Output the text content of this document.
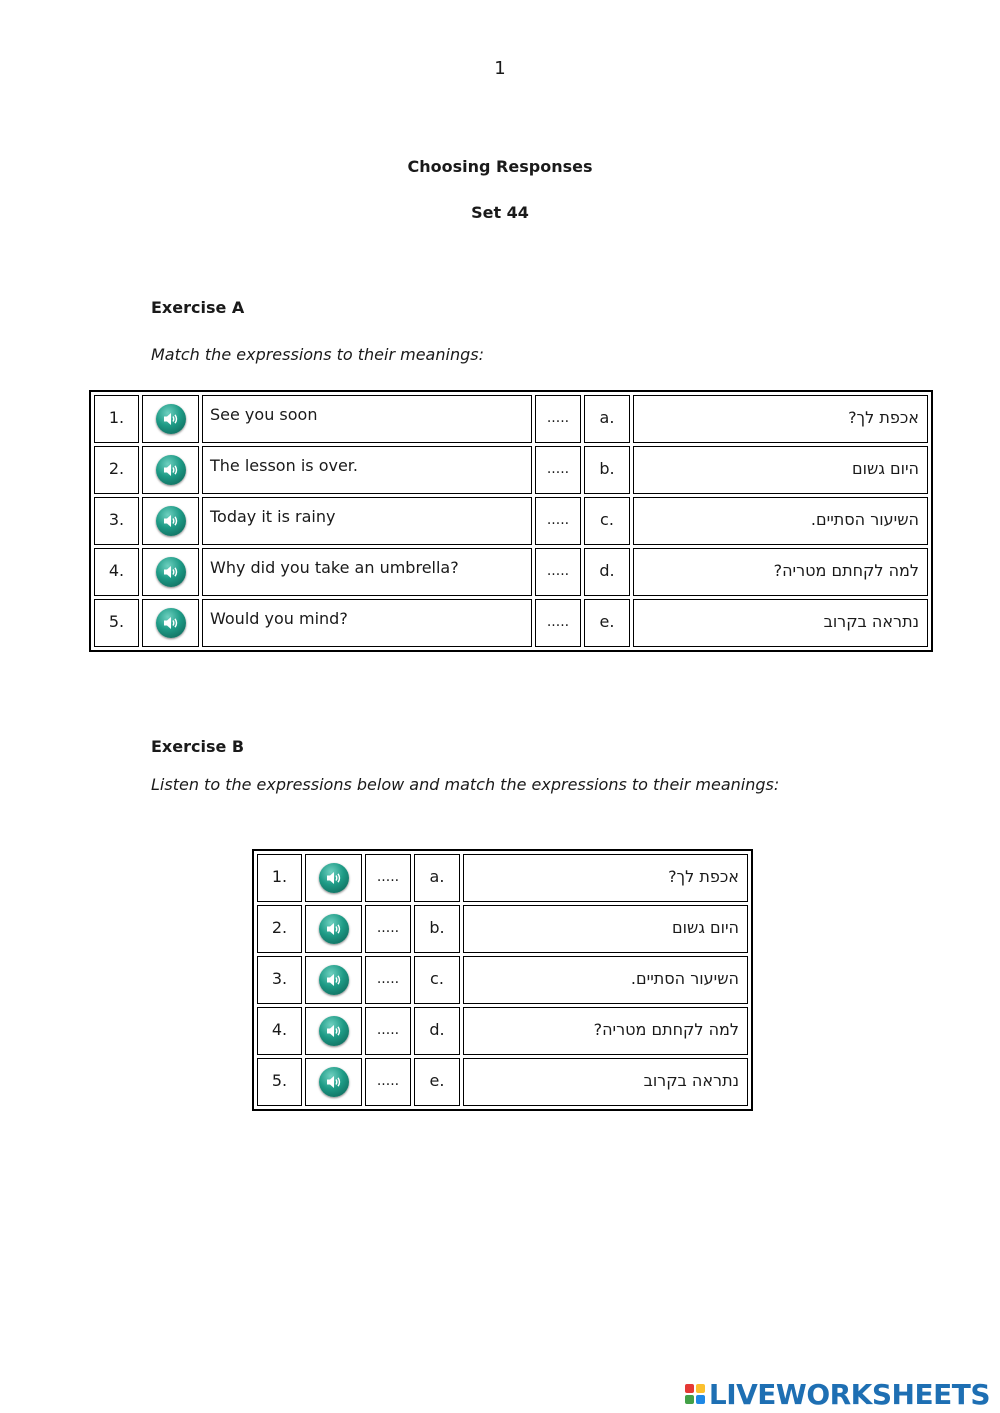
1
Choosing Responses
Set 44
Exercise A
Match the expressions to their meanings:
1.		See you soon	.....	a.	אכפת לך?
2.		The lesson is over.	.....	b.	היום גשום
3.		Today it is rainy	.....	c.	השיעור הסתיים.
4.		Why did you take an umbrella?	.....	d.	למה לקחתם מטריה?
5.		Would you mind?	.....	e.	נתראה בקרוב
Exercise B
Listen to the expressions below and match the expressions to their meanings:
1.		.....	a.	אכפת לך?
2.		.....	b.	היום גשום
3.		.....	c.	השיעור הסתיים.
4.		.....	d.	למה לקחתם מטריה?
5.		.....	e.	נתראה בקרוב
LIVEWORKSHEETS
